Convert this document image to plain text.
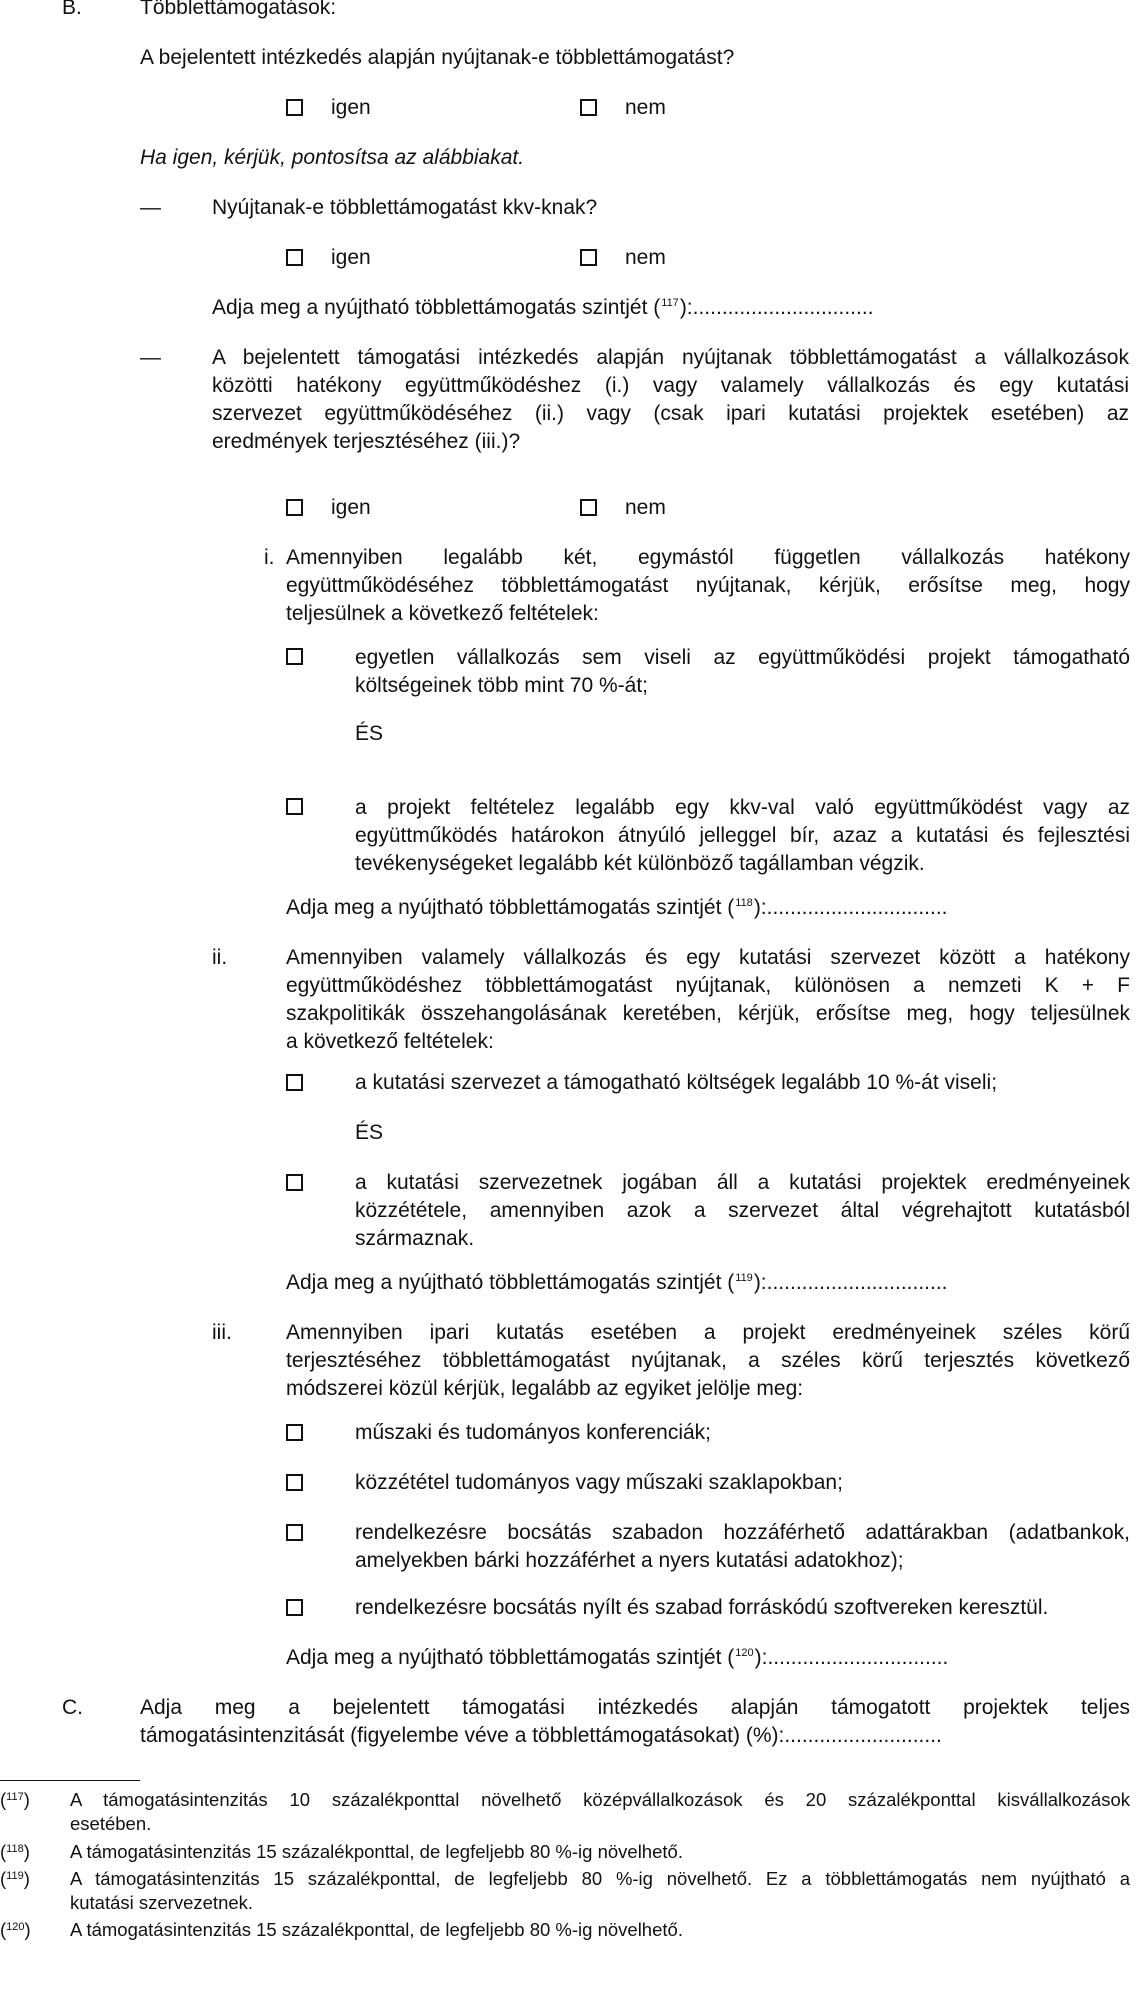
B.	Többlettámogatások:
A bejelentett intézkedés alapján nyújtanak-e többlettámogatást?
igen	nem
Ha igen, kérjük, pontosítsa az alábbiakat.
— Nyújtanak-e többlettámogatást kkv-knak?
igen	nem
Adja meg a nyújtható többlettámogatás szintjét ($^{117}$):...............................
— A bejelentett támogatási intézkedés alapján nyújtanak többlettámogatást a vállalkozások
közötti hatékony együttműködéshez (i.) vagy valamely vállalkozás és egy kutatási
szervezet együttműködéséhez (ii.) vagy (csak ipari kutatási projektek esetében) az
eredmények terjesztéséhez (iii.)?
igen	nem
i. Amennyiben legalább két, egymástól független vállalkozás hatékony
együttműködéséhez többlettámogatást nyújtanak, kérjük, erősítse meg, hogy
teljesülnek a következő feltételek:
egyetlen vállalkozás sem viseli az együttműködési projekt támogatható
költségeinek több mint 70 %-át;
ÉS
a projekt feltételez legalább egy kkv-val való együttműködést vagy az
együttműködés határokon átnyúló jelleggel bír, azaz a kutatási és fejlesztési
tevékenységeket legalább két különböző tagállamban végzik.
Adja meg a nyújtható többlettámogatás szintjét ($^{118}$):...............................
ii.	Amennyiben valamely vállalkozás és egy kutatási szervezet között a hatékony
együttműködéshez többlettámogatást nyújtanak, különösen a nemzeti K + F
szakpolitikák összehangolásának keretében, kérjük, erősítse meg, hogy teljesülnek
a következő feltételek:
a kutatási szervezet a támogatható költségek legalább 10 %-át viseli;
ÉS
a kutatási szervezetnek jogában áll a kutatási projektek eredményeinek
közzététele, amennyiben azok a szervezet által végrehajtott kutatásból
származnak.
Adja meg a nyújtható többlettámogatás szintjét ($^{119}$):...............................
iii.	Amennyiben ipari kutatás esetében a projekt eredményeinek széles körű
terjesztéséhez többlettámogatást nyújtanak, a széles körű terjesztés következő
módszerei közül kérjük, legalább az egyiket jelölje meg:
műszaki és tudományos konferenciák;
közzététel tudományos vagy műszaki szaklapokban;
rendelkezésre bocsátás szabadon hozzáférhető adattárakban (adatbankok,
amelyekben bárki hozzáférhet a nyers kutatási adatokhoz);
rendelkezésre bocsátás nyílt és szabad forráskódú szoftvereken keresztül.
Adja meg a nyújtható többlettámogatás szintjét ($^{120}$):...............................
C.	Adja meg a bejelentett támogatási intézkedés alapján támogatott projektek teljes
támogatásintenzitását (figyelembe véve a többlettámogatásokat) (%):...........................
($^{117}$) A támogatásintenzitás 10 százalékponttal növelhető középvállalkozások és 20 százalékponttal kisvállalkozások
esetében.
($^{118}$) A támogatásintenzitás 15 százalékponttal, de legfeljebb 80 %-ig növelhető.
($^{119}$) A támogatásintenzitás 15 százalékponttal, de legfeljebb 80 %-ig növelhető. Ez a többlettámogatás nem nyújtható a
kutatási szervezetnek.
($^{120}$) A támogatásintenzitás 15 százalékponttal, de legfeljebb 80 %-ig növelhető.
